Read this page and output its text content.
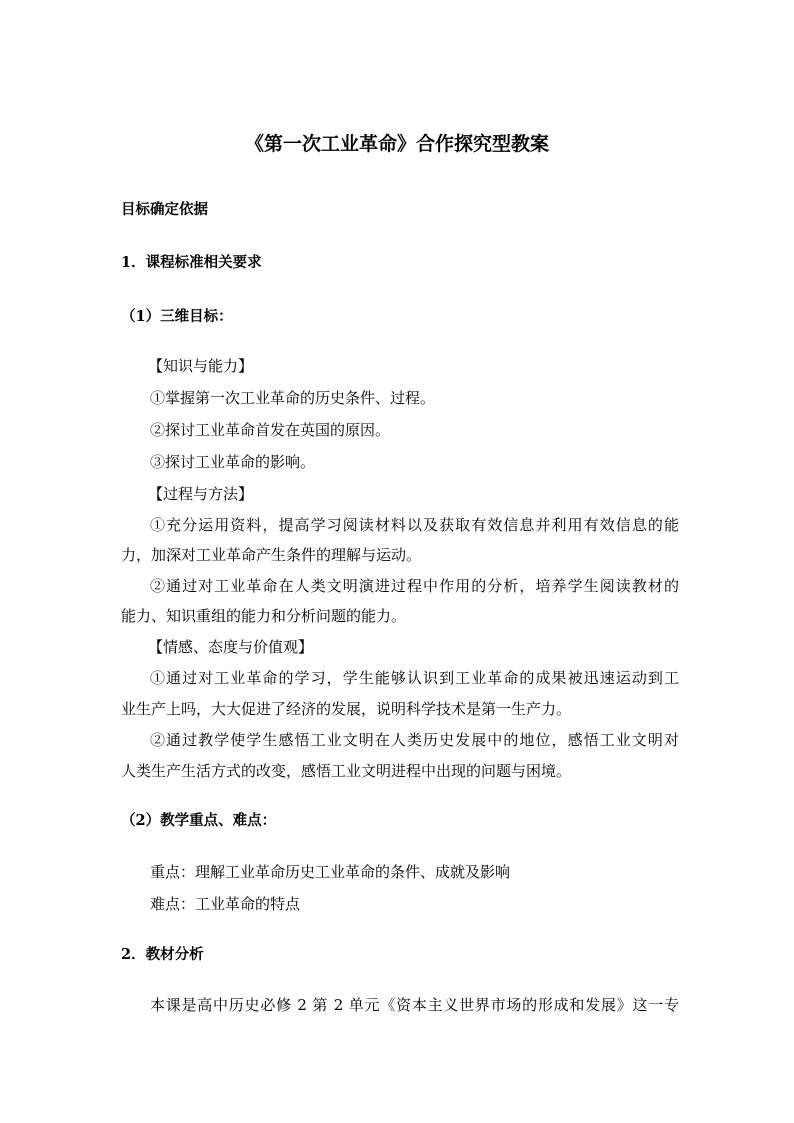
《第一次工业革命》合作探究型教案
目标确定依据
1．课程标准相关要求
（1）三维目标：
【知识与能力】
①掌握第一次工业革命的历史条件、过程。
②探讨工业革命首发在英国的原因。
③探讨工业革命的影响。
【过程与方法】
①充分运用资料，提高学习阅读材料以及获取有效信息并利用有效信息的能
力，加深对工业革命产生条件的理解与运动。
②通过对工业革命在人类文明演进过程中作用的分析，培养学生阅读教材的
能力、知识重组的能力和分析问题的能力。
【情感、态度与价值观】
①通过对工业革命的学习，学生能够认识到工业革命的成果被迅速运动到工
业生产上吗，大大促进了经济的发展，说明科学技术是第一生产力。
②通过教学使学生感悟工业文明在人类历史发展中的地位，感悟工业文明对
人类生产生活方式的改变，感悟工业文明进程中出现的问题与困境。
（2）教学重点、难点：
重点：理解工业革命历史工业革命的条件、成就及影响
难点：工业革命的特点
2．教材分析
本课是高中历史必修 2 第 2 单元《资本主义世界市场的形成和发展》这一专
